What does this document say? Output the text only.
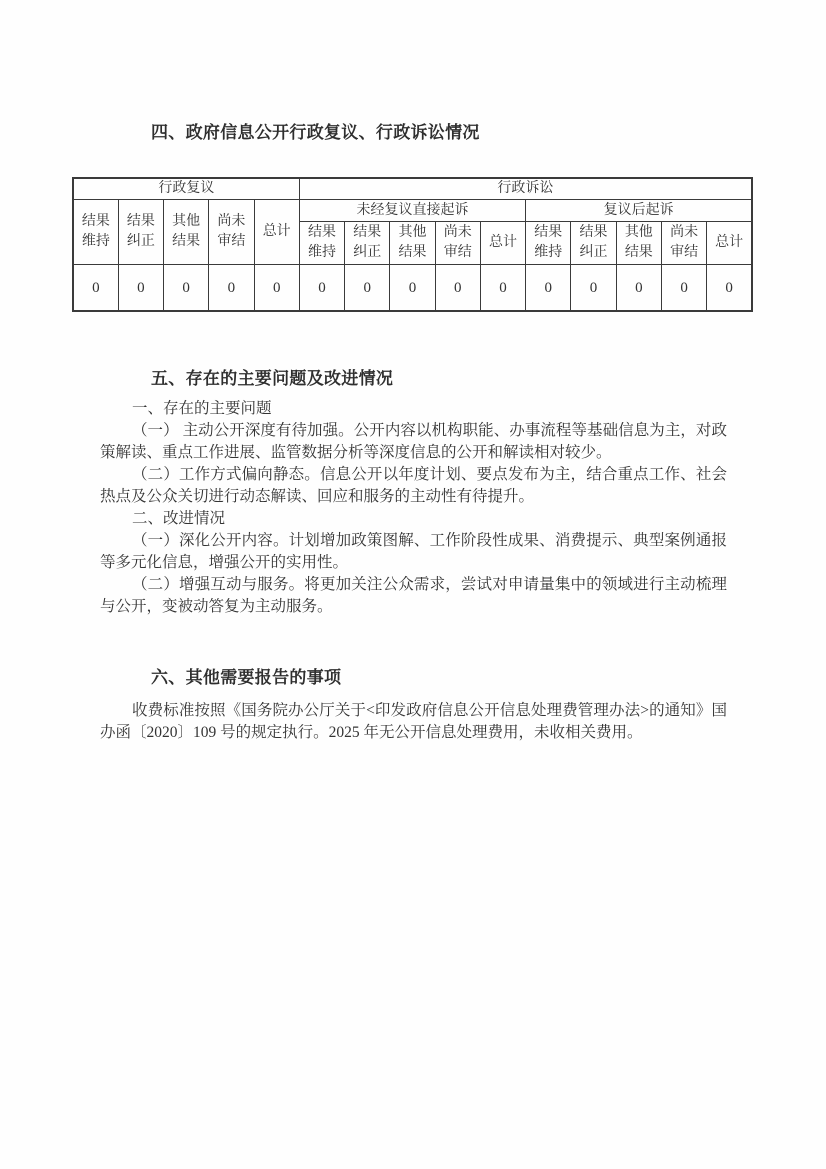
四、政府信息公开行政复议、行政诉讼情况
行政复议					行政诉讼									
结果维持	结果纠正	其他结果	尚未审结	总计	未经复议直接起诉					复议后起诉				
					结果维持	结果纠正	其他结果	尚未审结	总计	结果维持	结果纠正	其他结果	尚未审结	总计
0	0	0	0	0	0	0	0	0	0	0	0	0	0	0
五、存在的主要问题及改进情况

一、存在的主要问题

（一） 主动公开深度有待加强。公开内容以机构职能、办事流程等基础信息为主，对政策解读、重点工作进展、监管数据分析等深度信息的公开和解读相对较少。

（二）工作方式偏向静态。信息公开以年度计划、要点发布为主，结合重点工作、社会热点及公众关切进行动态解读、回应和服务的主动性有待提升。

二、改进情况

（一）深化公开内容。计划增加政策图解、工作阶段性成果、消费提示、典型案例通报等多元化信息，增强公开的实用性。

（二）增强互动与服务。将更加关注公众需求，尝试对申请量集中的领域进行主动梳理与公开，变被动答复为主动服务。

六、其他需要报告的事项

收费标准按照《国务院办公厅关于<印发政府信息公开信息处理费管理办法>的通知》国办函〔2020〕109 号的规定执行。2025 年无公开信息处理费用，未收相关费用。
